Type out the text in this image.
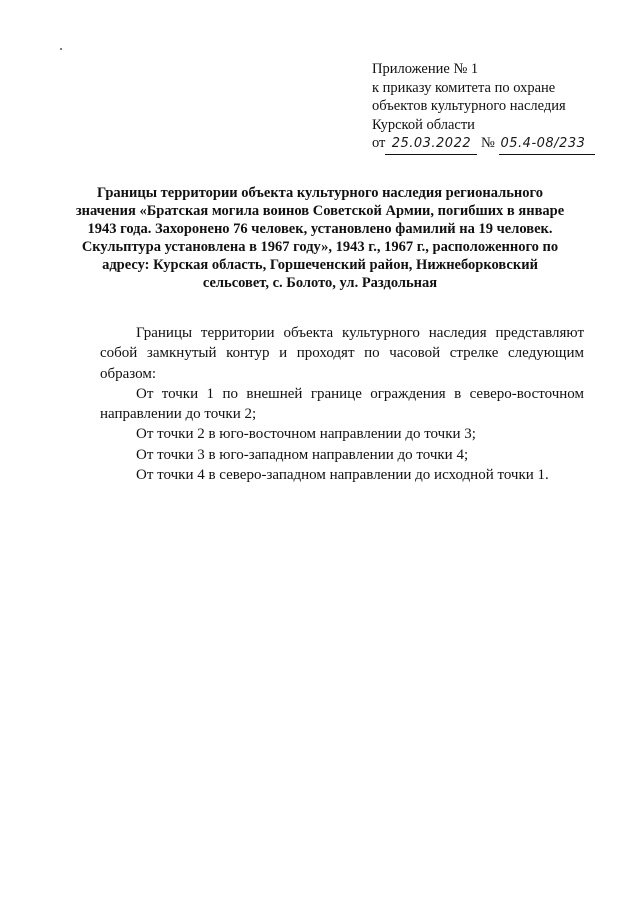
Приложение № 1
к приказу комитета по охране
объектов культурного наследия
Курской области
от 25.03.2022 № 05.4-08/233
Границы территории объекта культурного наследия регионального значения «Братская могила воинов Советской Армии, погибших в январе 1943 года. Захоронено 76 человек, установлено фамилий на 19 человек. Скульптура установлена в 1967 году», 1943 г., 1967 г., расположенного по адресу: Курская область, Горшеченский район, Нижнеборковский сельсовет, с. Болото, ул. Раздольная

Границы территории объекта культурного наследия представляют собой замкнутый контур и проходят по часовой стрелке следующим образом:

От точки 1 по внешней границе ограждения в северо-восточном направлении до точки 2;

От точки 2 в юго-восточном направлении до точки 3;

От точки 3 в юго-западном направлении до точки 4;

От точки 4 в северо-западном направлении до исходной точки 1.
